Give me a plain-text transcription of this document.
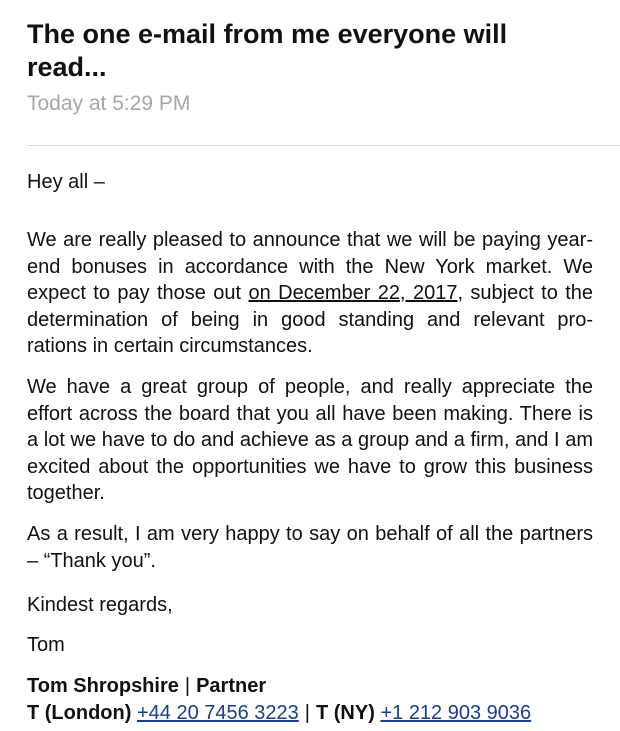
The one e-mail from me everyone will read...
Today at 5:29 PM

Hey all –

We are really pleased to announce that we will be paying year-end bonuses in accordance with the New York market. We expect to pay those out on December 22, 2017, subject to the determination of being in good standing and relevant pro-rations in certain circumstances.

We have a great group of people, and really appreciate the effort across the board that you all have been making. There is a lot we have to do and achieve as a group and a firm, and I am excited about the opportunities we have to grow this business together.

As a result, I am very happy to say on behalf of all the partners – “Thank you”.

Kindest regards,

Tom

Tom Shropshire | Partner
T (London) +44 20 7456 3223 | T (NY) +1 212 903 9036
